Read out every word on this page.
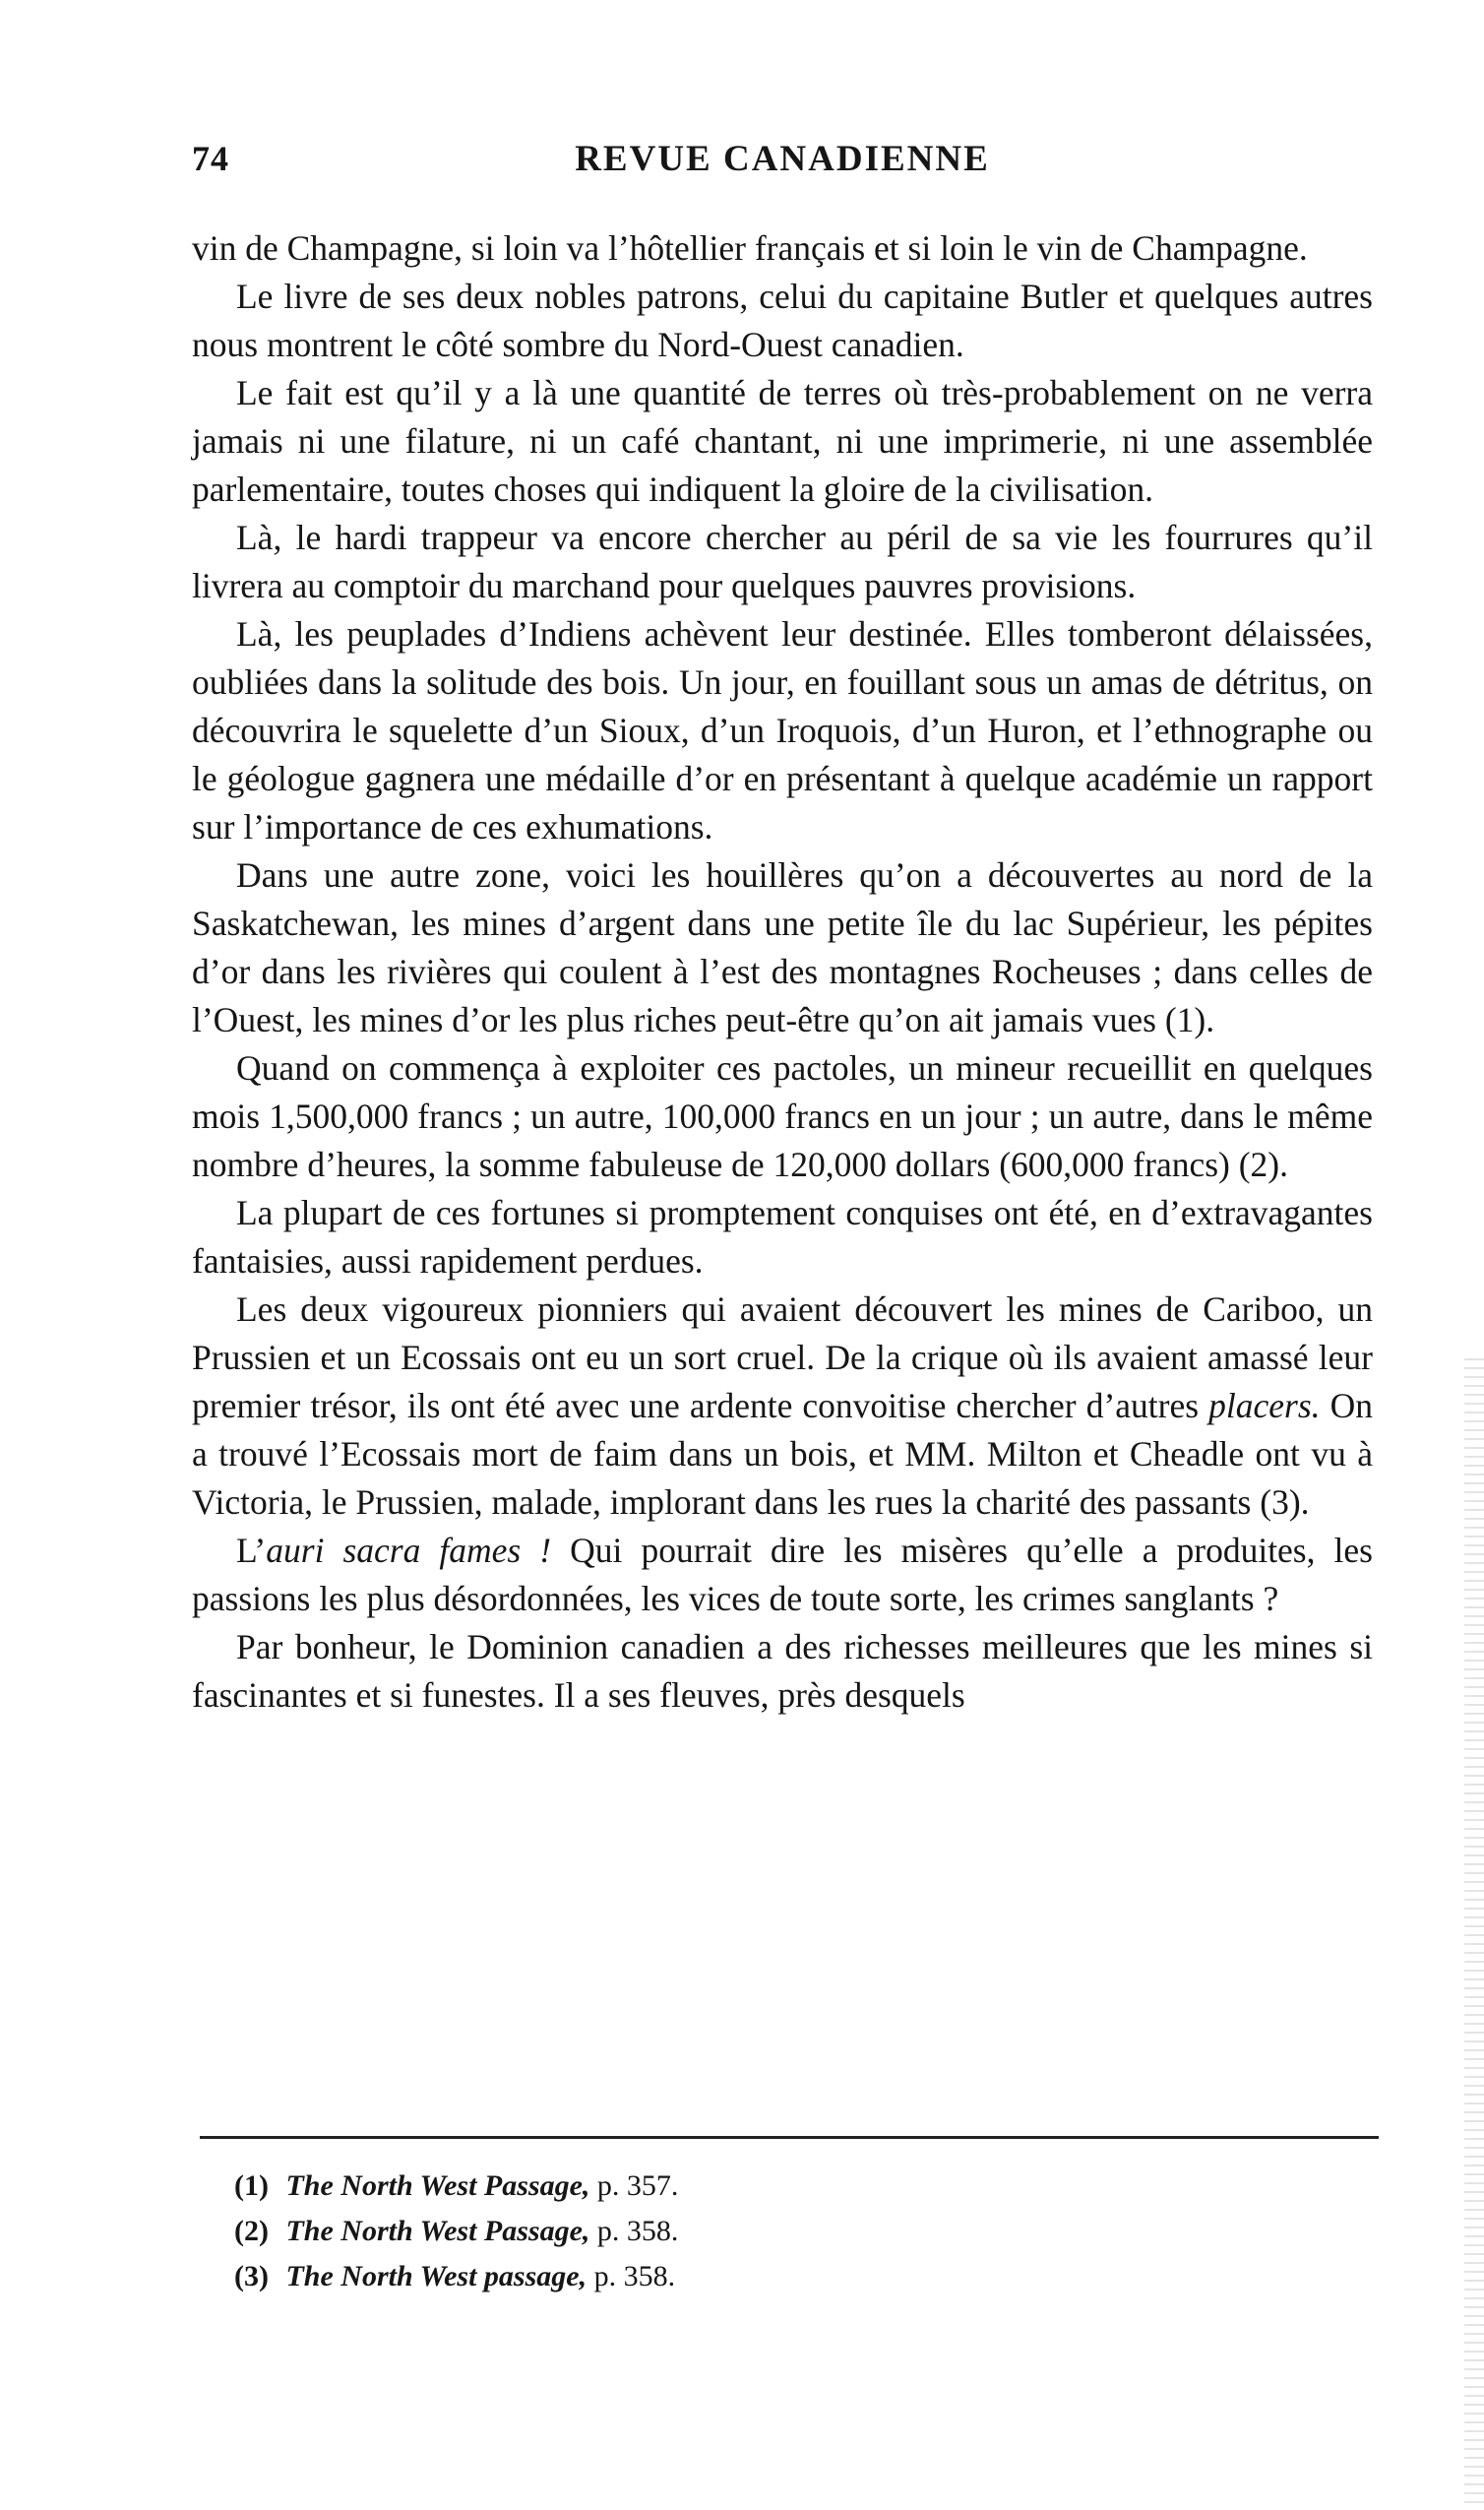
74	REVUE CANADIENNE

vin de Champagne, si loin va l’hôtellier français et si loin le vin de Champagne.

Le livre de ses deux nobles patrons, celui du capitaine Butler et quelques autres nous montrent le côté sombre du Nord-Ouest canadien.

Le fait est qu’il y a là une quantité de terres où très-probablement on ne verra jamais ni une filature, ni un café chantant, ni une imprimerie, ni une assemblée parlementaire, toutes choses qui indiquent la gloire de la civilisation.

Là, le hardi trappeur va encore chercher au péril de sa vie les fourrures qu’il livrera au comptoir du marchand pour quelques pauvres provisions.

Là, les peuplades d’Indiens achèvent leur destinée. Elles tomberont délaissées, oubliées dans la solitude des bois. Un jour, en fouillant sous un amas de détritus, on découvrira le squelette d’un Sioux, d’un Iroquois, d’un Huron, et l’ethnographe ou le géologue gagnera une médaille d’or en présentant à quelque académie un rapport sur l’importance de ces exhumations.

Dans une autre zone, voici les houillères qu’on a découvertes au nord de la Saskatchewan, les mines d’argent dans une petite île du lac Supérieur, les pépites d’or dans les rivières qui coulent à l’est des montagnes Rocheuses ; dans celles de l’Ouest, les mines d’or les plus riches peut-être qu’on ait jamais vues (1).

Quand on commença à exploiter ces pactoles, un mineur recueillit en quelques mois 1,500,000 francs ; un autre, 100,000 francs en un jour ; un autre, dans le même nombre d’heures, la somme fabuleuse de 120,000 dollars (600,000 francs) (2).

La plupart de ces fortunes si promptement conquises ont été, en d’extravagantes fantaisies, aussi rapidement perdues.

Les deux vigoureux pionniers qui avaient découvert les mines de Cariboo, un Prussien et un Ecossais ont eu un sort cruel. De la crique où ils avaient amassé leur premier trésor, ils ont été avec une ardente convoitise chercher d’autres placers. On a trouvé l’Ecossais mort de faim dans un bois, et MM. Milton et Cheadle ont vu à Victoria, le Prussien, malade, implorant dans les rues la charité des passants (3).

L’auri sacra fames ! Qui pourrait dire les misères qu’elle a produites, les passions les plus désordonnées, les vices de toute sorte, les crimes sanglants ?

Par bonheur, le Dominion canadien a des richesses meilleures que les mines si fascinantes et si funestes. Il a ses fleuves, près desquels

(1) The North West Passage, p. 357.
(2) The North West Passage, p. 358.
(3) The North West passage, p. 358.
